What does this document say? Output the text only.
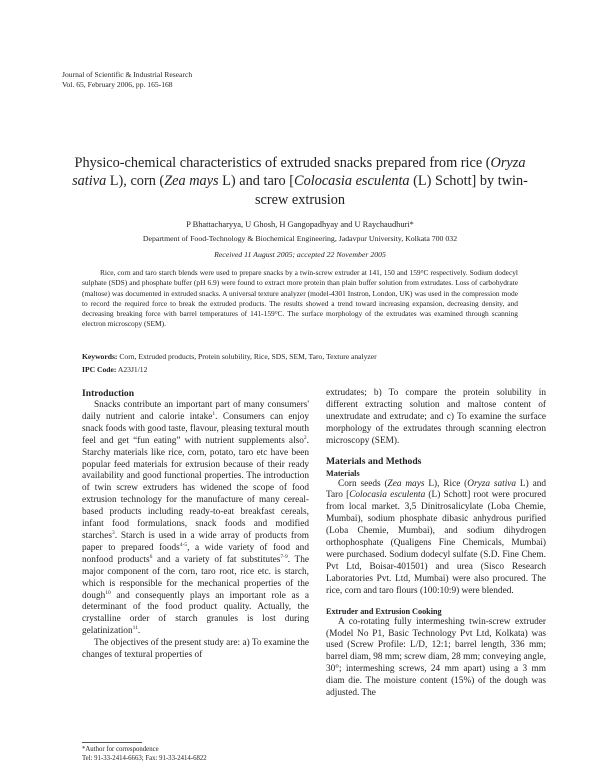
Journal of Scientific & Industrial Research
Vol. 65, February 2006, pp. 165-168
Physico-chemical characteristics of extruded snacks prepared from rice (Oryza sativa L), corn (Zea mays L) and taro [Colocasia esculenta (L) Schott] by twin-screw extrusion
P Bhattacharyya, U Ghosh, H Gangopadhyay and U Raychaudhuri*
Department of Food-Technology & Biochemical Engineering, Jadavpur University, Kolkata 700 032
Received 11 August 2005; accepted 22 November 2005

Rice, corn and taro starch blends were used to prepare snacks by a twin-screw extruder at 141, 150 and 159°C respectively. Sodium dodecyl sulphate (SDS) and phosphate buffer (pH 6.9) were found to extract more protein than plain buffer solution from extrudates. Loss of carbohydrate (maltose) was documented in extruded snacks. A universal texture analyzer (model-4301 Instron, London, UK) was used in the compression mode to record the required force to break the extruded products. The results showed a trend toward increasing expansion, decreasing density, and decreasing breaking force with barrel temperatures of 141-159°C. The surface morphology of the extrudates was examined through scanning electron microscopy (SEM).

Keywords: Corn, Extruded products, Protein solubility, Rice, SDS, SEM, Taro, Texture analyzer
IPC Code: A23J1/12
Introduction

Snacks contribute an important part of many consumers' daily nutrient and calorie intake$^1$. Consumers can enjoy snack foods with good taste, flavour, pleasing textural mouth feel and get “fun eating” with nutrient supplements also$^2$. Starchy materials like rice, corn, potato, taro etc have been popular feed materials for extrusion because of their ready availability and good functional properties. The introduction of twin screw extruders has widened the scope of food extrusion technology for the manufacture of many cereal-based products including ready-to-eat breakfast cereals, infant food formulations, snack foods and modified starches$^3$. Starch is used in a wide array of products from paper to prepared foods$^{4-5}$, a wide variety of food and nonfood products$^6$ and a variety of fat substitutes$^{7-9}$. The major component of the corn, taro root, rice etc. is starch, which is responsible for the mechanical properties of the dough$^{10}$ and consequently plays an important role as a determinant of the food product quality. Actually, the crystalline order of starch granules is lost during gelatinization$^{11}$.

The objectives of the present study are: a) To examine the changes of textural properties of

extrudates; b) To compare the protein solubility in different extracting solution and maltose content of unextrudate and extrudate; and c) To examine the surface morphology of the extrudates through scanning electron microscopy (SEM).

Materials and Methods
Materials

Corn seeds (Zea mays L), Rice (Oryza sativa L) and Taro [Colocasia esculenta (L) Schott] root were procured from local market. 3,5 Dinitrosalicylate (Loba Chemie, Mumbai), sodium phosphate dibasic anhydrous purified (Loba Chemie, Mumbai), and sodium dihydrogen orthophosphate (Qualigens Fine Chemicals, Mumbai) were purchased. Sodium dodecyl sulfate (S.D. Fine Chem. Pvt Ltd, Boisar-401501) and urea (Sisco Research Laboratories Pvt. Ltd, Mumbai) were also procured. The rice, corn and taro flours (100:10:9) were blended.

Extruder and Extrusion Cooking

A co-rotating fully intermeshing twin-screw extruder (Model No P1, Basic Technology Pvt Ltd, Kolkata) was used (Screw Profile: L/D, 12:1; barrel length, 336 mm; barrel diam, 98 mm; screw diam, 28 mm; conveying angle, 30°; intermeshing screws, 24 mm apart) using a 3 mm diam die. The moisture content (15%) of the dough was adjusted. The

*Author for correspondence
Tel: 91-33-2414-6663; Fax: 91-33-2414-6822
